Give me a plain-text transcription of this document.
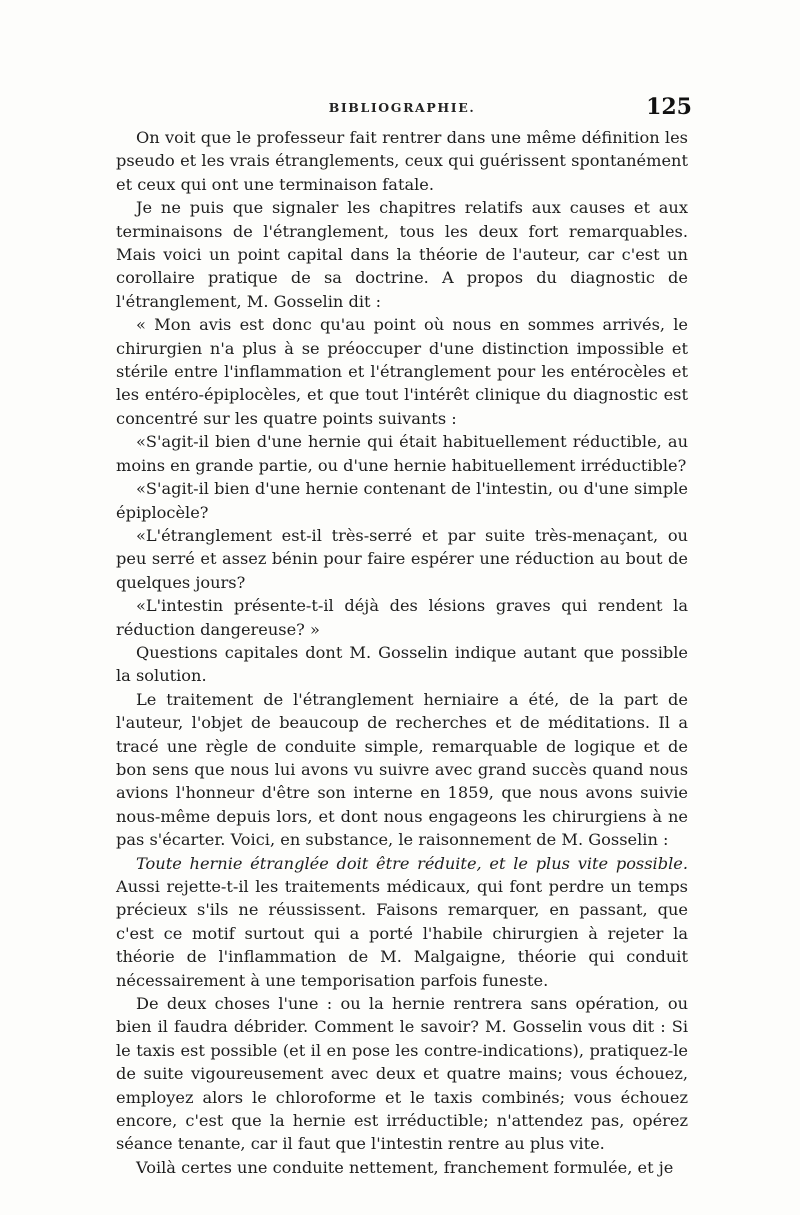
BIBLIOGRAPHIE.	125

On voit que le professeur fait rentrer dans une même définition les pseudo et les vrais étranglements, ceux qui guérissent spontanément et ceux qui ont une terminaison fatale.

Je ne puis que signaler les chapitres relatifs aux causes et aux terminaisons de l'étranglement, tous les deux fort remarquables. Mais voici un point capital dans la théorie de l'auteur, car c'est un corollaire pratique de sa doctrine. A propos du diagnostic de l'étranglement, M. Gosselin dit :

« Mon avis est donc qu'au point où nous en sommes arrivés, le chirurgien n'a plus à se préoccuper d'une distinction impossible et stérile entre l'inflammation et l'étranglement pour les entérocèles et les entéro-épiplocèles, et que tout l'intérêt clinique du diagnostic est concentré sur les quatre points suivants :

«S'agit-il bien d'une hernie qui était habituellement réductible, au moins en grande partie, ou d'une hernie habituellement irréductible?

«S'agit-il bien d'une hernie contenant de l'intestin, ou d'une simple épiplocèle?

«L'étranglement est-il très-serré et par suite très-menaçant, ou peu serré et assez bénin pour faire espérer une réduction au bout de quelques jours?

«L'intestin présente-t-il déjà des lésions graves qui rendent la réduction dangereuse? »

Questions capitales dont M. Gosselin indique autant que possible la solution.

Le traitement de l'étranglement herniaire a été, de la part de l'auteur, l'objet de beaucoup de recherches et de méditations. Il a tracé une règle de conduite simple, remarquable de logique et de bon sens que nous lui avons vu suivre avec grand succès quand nous avions l'honneur d'être son interne en 1859, que nous avons suivie nous-même depuis lors, et dont nous engageons les chirurgiens à ne pas s'écarter. Voici, en substance, le raisonnement de M. Gosselin :

Toute hernie étranglée doit être réduite, et le plus vite possible. Aussi rejette-t-il les traitements médicaux, qui font perdre un temps précieux s'ils ne réussissent. Faisons remarquer, en passant, que c'est ce motif surtout qui a porté l'habile chirurgien à rejeter la théorie de l'inflammation de M. Malgaigne, théorie qui conduit nécessairement à une temporisation parfois funeste.

De deux choses l'une : ou la hernie rentrera sans opération, ou bien il faudra débrider. Comment le savoir? M. Gosselin vous dit : Si le taxis est possible (et il en pose les contre-indications), pratiquez-le de suite vigoureusement avec deux et quatre mains; vous échouez, employez alors le chloroforme et le taxis combinés; vous échouez encore, c'est que la hernie est irréductible; n'attendez pas, opérez séance tenante, car il faut que l'intestin rentre au plus vite.

Voilà certes une conduite nettement, franchement formulée, et je
